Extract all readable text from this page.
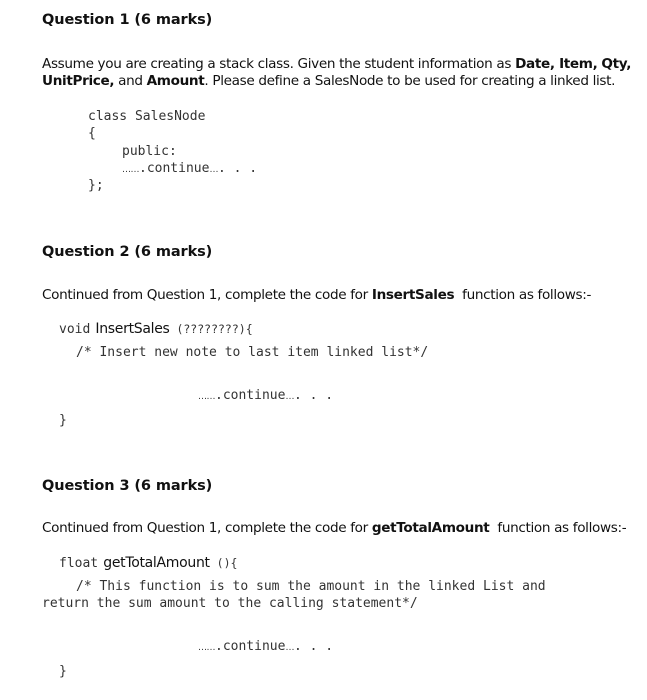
Question 1 (6 marks)
Assume you are creating a stack class. Given the student information as Date, Item, Qty,
UnitPrice, and Amount. Please define a SalesNode to be used for creating a linked list.
class SalesNode
{
public:
…….continue…. . .
};
Question 2 (6 marks)
Continued from Question 1, complete the code for InsertSales  function as follows:-
void InsertSales (????????){
/* Insert new note to last item linked list*/
…….continue…. . .
}
Question 3 (6 marks)
Continued from Question 1, complete the code for getTotalAmount  function as follows:-
float getTotalAmount (){
/* This function is to sum the amount in the linked List and
return the sum amount to the calling statement*/
…….continue…. . .
}
